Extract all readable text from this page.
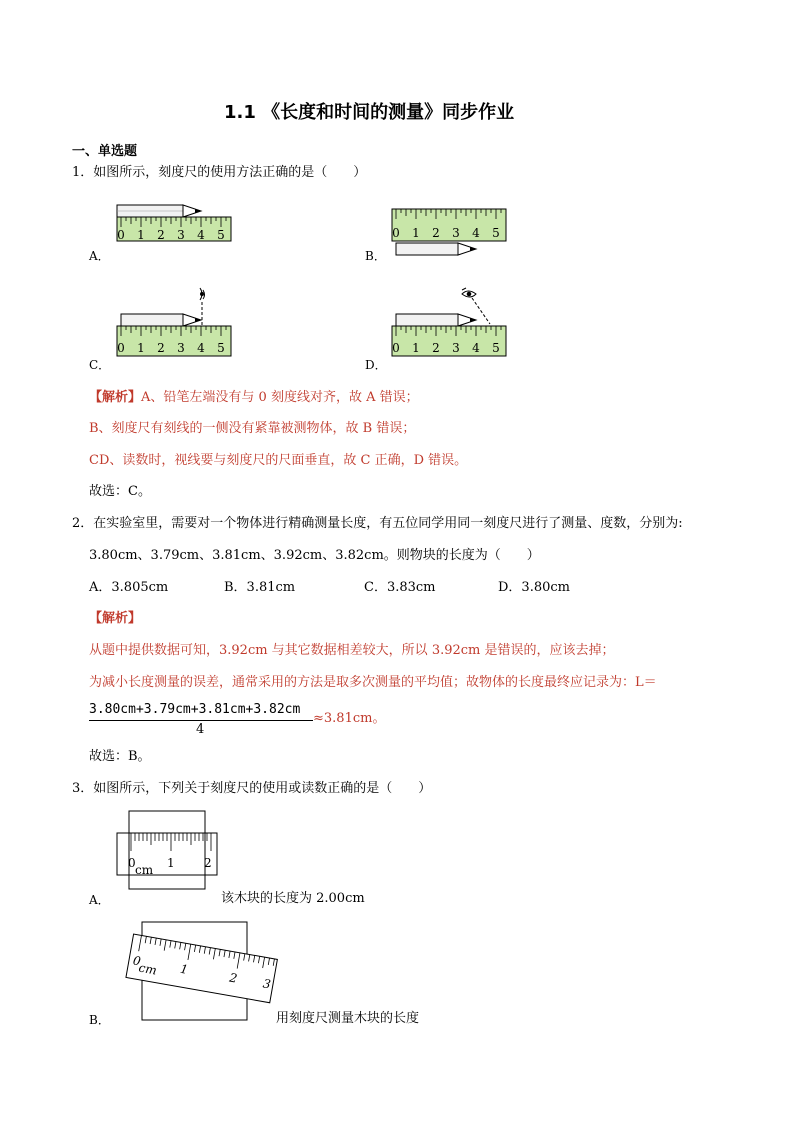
1.1 《长度和时间的测量》同步作业
一、单选题
1．如图所示，刻度尺的使用方法正确的是（　　）
0 1 2 3 4 5
A．
0 1 2 3 4 5
B．
0 1 2 3 4 5
C．
0 1 2 3 4 5
D．
【解析】A、铅笔左端没有与 0 刻度线对齐，故 A 错误；
B、刻度尺有刻线的一侧没有紧靠被测物体，故 B 错误；
CD、读数时，视线要与刻度尺的尺面垂直，故 C 正确，D 错误。
故选：C。
2．在实验室里，需要对一个物体进行精确测量长度，有五位同学用同一刻度尺进行了测量、度数，分别为:
3.80cm、3.79cm、3.81cm、3.92cm、3.82cm。则物块的长度为（　　）
A．3.805cm	B．3.81cm	C．3.83cm	D．3.80cm
【解析】
从题中提供数据可知，3.92cm 与其它数据相差较大，所以 3.92cm 是错误的，应该去掉；
为减小长度测量的误差，通常采用的方法是取多次测量的平均值；故物体的长度最终应记录为：L＝
3.80cm+3.79cm+3.81cm+3.82cm
4
≈3.81cm。
故选：B。
3．如图所示，下列关于刻度尺的使用或读数正确的是（　　）
0 cm 1 2
A．	该木块的长度为 2.00cm
0
cm 1
2 3
B．	用刻度尺测量木块的长度
